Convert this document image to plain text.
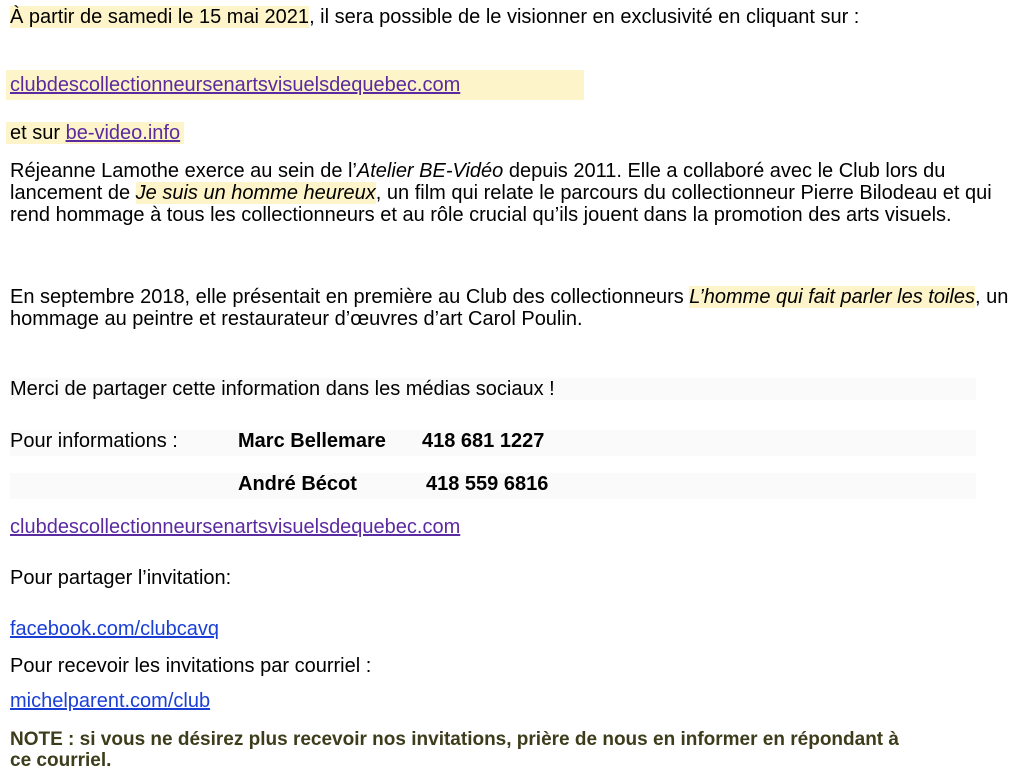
À partir de samedi le 15 mai 2021, il sera possible de le visionner en exclusivité en cliquant sur :
clubdescollectionneursenartsvisuelsdequebec.com
et sur be-video.info
Réjeanne Lamothe exerce au sein de l’Atelier BE-Vidéo depuis 2011. Elle a collaboré avec le Club lors du lancement de Je suis un homme heureux, un film qui relate le parcours du collectionneur Pierre Bilodeau et qui rend hommage à tous les collectionneurs et au rôle crucial qu’ils jouent dans la promotion des arts visuels.
En septembre 2018, elle présentait en première au Club des collectionneurs L’homme qui fait parler les toiles, un hommage au peintre et restaurateur d’œuvres d’art Carol Poulin.
Merci de partager cette information dans les médias sociaux !
Pour informations :	Marc Bellemare 418 681 1227
André Bécot	418 559 6816
clubdescollectionneursenartsvisuelsdequebec.com
Pour partager l’invitation:
facebook.com/clubcavq
Pour recevoir les invitations par courriel :
michelparent.com/club
NOTE : si vous ne désirez plus recevoir nos invitations, prière de nous en informer en répondant à ce courriel.
